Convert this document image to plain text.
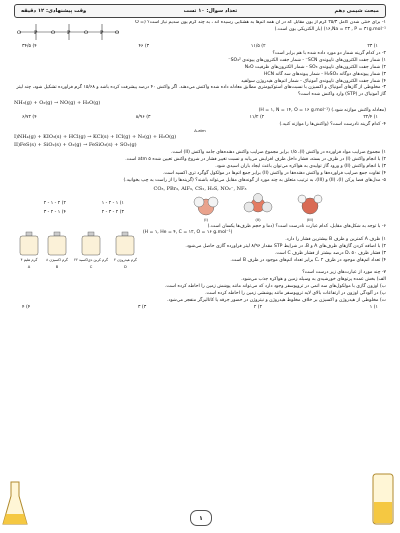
وقت پیشنهادی: ۱۲ دقیقه	تعداد سوال: ۱۰ تست	مبحث شیمی دهم

۱- برای خنثی شدن کامل ۲۵/۳ گرم از یون مقابل که در آن همه اتم‌ها به هشتایی رسیده اند ، به چند گرم یون سدیم نیاز است؟ (O = ۱۶,Na = ۲۳ , P = ۳۱g.mol⁻¹) (بار الکتریکی یون است.)

O	P	O P	O P O
۱) ۲۳
۲) ۱۱/۵
۳) ۴۶
۴) ۳۴/۵

۲- در کدام گزینه شمار دو مورد داده شده با هم برابر است؟

۱) شمار جفت الکترون‌های ناپیوندی SCN⁻ - شمار جفت الکترون‌های پیوندی SO₄²⁻

۲) شمار جفت الکترون‌های ناپیوندی SO₃ - شمار الکترون‌های ظرفیت N₂O

۳) شمار پیوندهای دوگانه H₂SO₄ - شمار پیوندهای سه گانه HCN

۴) شمار جفت الکترون‌های ناپیوندی آمونیاک - شمار اتم‌های هیدروژن سولفید

۳- مخلوطی از گازهای آمونیاک و اکسیژن با نسبت‌های استوکیومتری مطابق معادله داده شده واکنش می‌دهند. اگر واکنش ۴۰ درصد پیشرفت کرده باشد و ۱۵/۶۸ گرم فراورده تشکیل شود، چند لیتر گاز آمونیاک در (STP) وارد واکنش شده است؟

NH₃(g) + O₂(g) → NO(g) + H₂O(g)

(معادله واکنش موازنه شود.) (H = ۱, N = ۱۴, O = ۱۶ g.mol⁻¹)

۱) ۲۲/۴
۲) ۱۱/۲
۳) ۸/۹۶
۴) ۶/۷۲

۴- کدام گزینه نادرست است؟ (واکنش‌ها را موازنه کنید.)

Δ-atm
I)NH₄(g) + KIO₃(s) + HCl(g) → KCl(s) + ICl(g) + N₂(g) + H₂O(g)
II)FeS(s) + SiO₂(s) + O₂(g) → FeSiO₃(s) + SO₂(g)

۱) مجموع ضرایب مواد فراورده در واکنش (I)، ۱/۵ برابر مجموع ضرایب واکنش دهنده‌های جامد واکنش (II) است.

۲) با انجام واکنش (I) در ظرف در بسته، فشار داخل ظرف افزایش می‌یابد و نسبت تغییر فشار در شروع واکنش تعیین شده atm ۵ است.

۳) با انجام واکنش (II) و ورود گاز تولیدی به هواکره می‌توان باعث ایجاد باران اسیدی شود.

۴) تفاوت جمع ضرایب فراورده‌ها و واکنش دهنده‌ها در واکنش (II) برابر جمع اتم‌ها در مولکول گوگرد تری اکسید است.

۵- مدل‌های فضا پرکن (I)، (II) و (III)، به ترتیب متعلق به چند مورد از گونه‌های مقابل می‌تواند باشند؟ (گزینه‌ها را از راست به چپ بخوانید.)

CO₃, PBr₃, AlF₃, CS₂, H₂S, NO₂⁻, NF₃
(I)	(II)	(III)
۱) ۱ - ۲ - ۱
۲) ۲ - ۱ - ۲
۳) ۲ - ۳ - ۲
۴) ۱ - ۲ - ۳

۶- با توجه به شکل‌های مقابل، کدام عبارت نادرست است؟ (دما و حجم ظرف‌ها یکسان است.)

(H = ۱, He = ۴, C = ۱۲, O = ۱۶ g.mol⁻¹)

۱) ظرف A کمترین و ظرف B بیشترین فشار را دارد.

۲) با اضافه کردن گازهای ظرف‌های A و B، در شرایط STP مقدار ۸/۹۶ لیتر فراورده گازی حاصل می‌شود.

۳) فشار ظرف D، ۵۰ درصد بیشتر از فشار ظرف C است.

۴) تعداد اتم‌های موجود در ظرف C، ۲ برابر تعداد اتم‌های موجود در ظرف B است.

۴ گرم هلیم
A
۸ گرم اکسیژن
B
۲۲ گرم کربن دی‌اکسید
C
۴ گرم هیدروژن
D

۷- چند مورد از عبارت‌های زیر درست است؟

الف) بخش عمده پرتوهای خورشیدی به وسیله زمین و هواکره جذب می‌شود.

ب) اوزون گازی با مولکول‌های سه اتمی در تروپوسفر وجود دارد که می‌تواند مانند پوشش زمین را احاطه کرده است.

پ) در آلودگی اوزون در ارتفاعات بالای لایه تروپوسفر مانند پوششی زمین را احاطه کرده است.

ت) مخلوطی از هیدروژن و اکسیژن بر خلاف مخلوط هیدروژن و نیتروژن در حضور جرقه یا کاتالیزگر منفجر می‌شود.

۱) ۱
۲) ۲
۳) ۳
۴) ۴
۱
